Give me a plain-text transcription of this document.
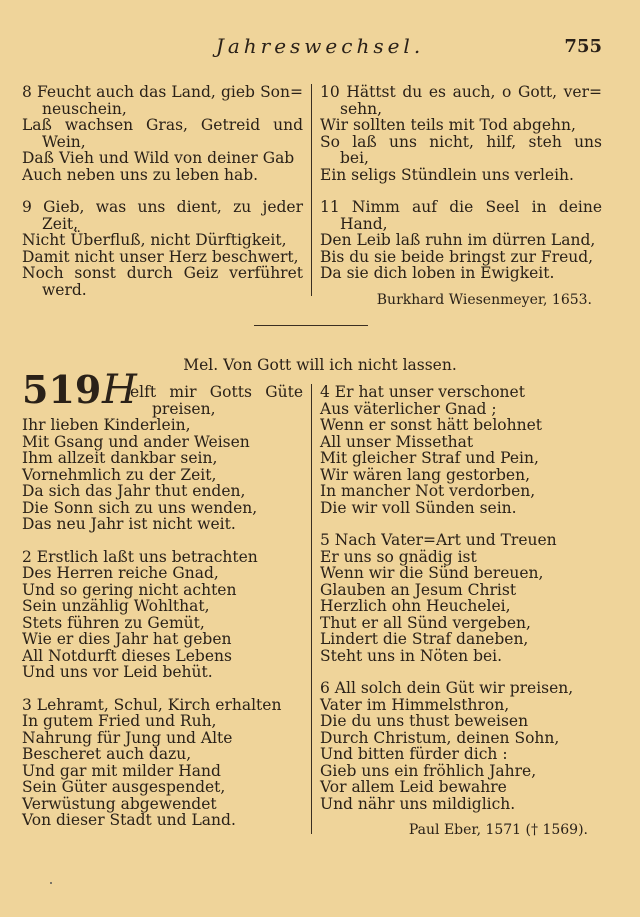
Jahreswechsel.	755
8 Feucht auch das Land, gieb Son=
neuschein,
Laß wachsen Gras, Getreid und
Wein,
Daß Vieh und Wild von deiner Gab
Auch neben uns zu leben hab.
9 Gieb, was uns dient, zu jeder
Zeit,
Nicht Überfluß, nicht Dürftigkeit,
Damit nicht unser Herz beschwert,
Noch sonst durch Geiz verführet
werd.
10 Hättst du es auch, o Gott, ver=
sehn,
Wir sollten teils mit Tod abgehn,
So laß uns nicht, hilf, steh uns
bei,
Ein seligs Stündlein uns verleih.
11 Nimm auf die Seel in deine
Hand,
Den Leib laß ruhn im dürren Land,
Bis du sie beide bringst zur Freud,
Da sie dich loben in Ewigkeit.
Burkhard Wiesenmeyer, 1653.
Mel. Von Gott will ich nicht lassen.
519 H
elft mir Gotts Güte
preisen,
Ihr lieben Kinderlein,
Mit Gsang und ander Weisen
Ihm allzeit dankbar sein,
Vornehmlich zu der Zeit,
Da sich das Jahr thut enden,
Die Sonn sich zu uns wenden,
Das neu Jahr ist nicht weit.
2 Erstlich laßt uns betrachten
Des Herren reiche Gnad,
Und so gering nicht achten
Sein unzählig Wohlthat,
Stets führen zu Gemüt,
Wie er dies Jahr hat geben
All Notdurft dieses Lebens
Und uns vor Leid behüt.
3 Lehramt, Schul, Kirch erhalten
In gutem Fried und Ruh,
Nahrung für Jung und Alte
Bescheret auch dazu,
Und gar mit milder Hand
Sein Güter ausgespendet,
Verwüstung abgewendet
Von dieser Stadt und Land.
4 Er hat unser verschonet
Aus väterlicher Gnad ;
Wenn er sonst hätt belohnet
All unser Missethat
Mit gleicher Straf und Pein,
Wir wären lang gestorben,
In mancher Not verdorben,
Die wir voll Sünden sein.
5 Nach Vater=Art und Treuen
Er uns so gnädig ist
Wenn wir die Sünd bereuen,
Glauben an Jesum Christ
Herzlich ohn Heuchelei,
Thut er all Sünd vergeben,
Lindert die Straf daneben,
Steht uns in Nöten bei.
6 All solch dein Güt wir preisen,
Vater im Himmelsthron,
Die du uns thust beweisen
Durch Christum, deinen Sohn,
Und bitten fürder dich :
Gieb uns ein fröhlich Jahre,
Vor allem Leid bewahre
Und nähr uns mildiglich.
Paul Eber, 1571 († 1569).
